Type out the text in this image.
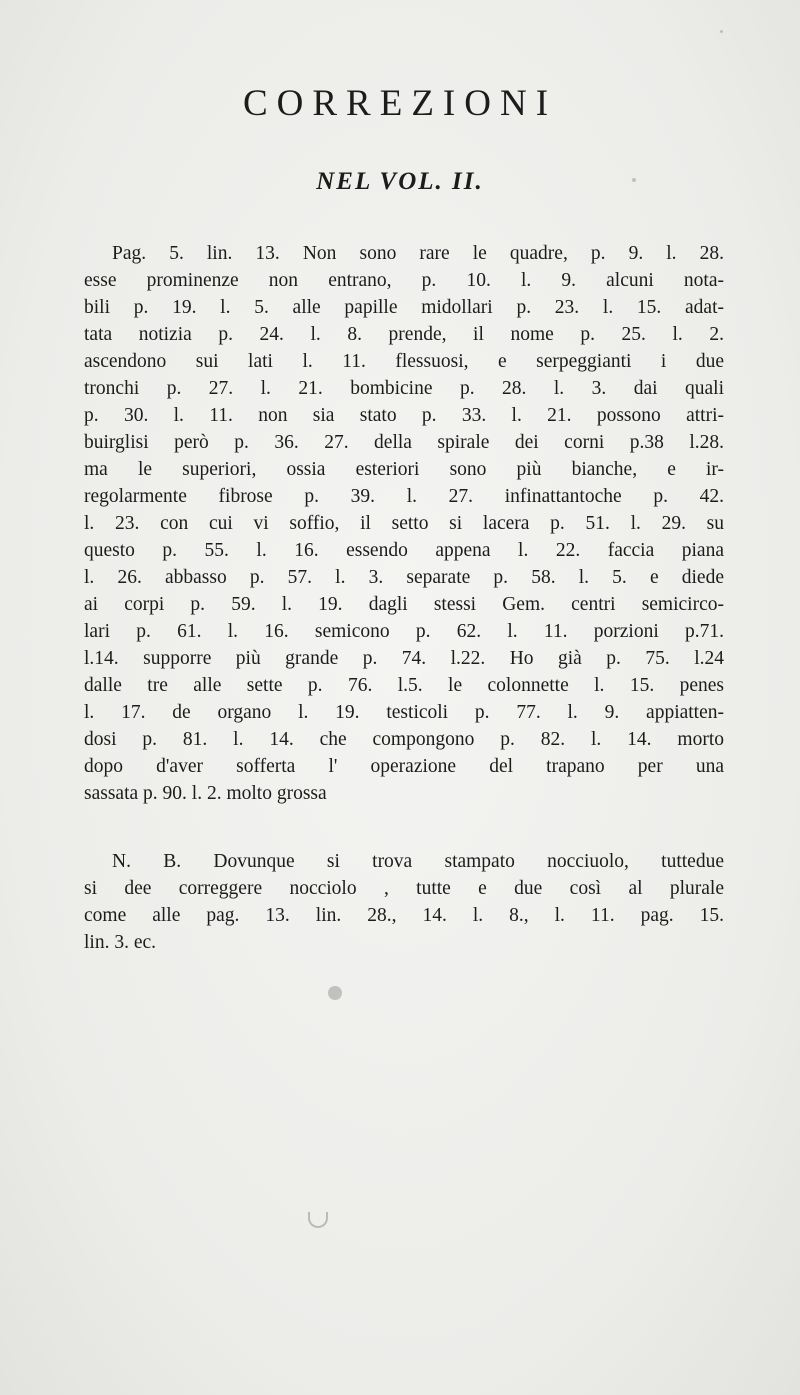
CORREZIONI
NEL VOL. II.
Pag. 5. lin. 13. Non sono rare le quadre, p. 9. l. 28.
esse prominenze non entrano, p. 10. l. 9. alcuni nota-
bili p. 19. l. 5. alle papille midollari p. 23. l. 15. adat-
tata notizia p. 24. l. 8. prende, il nome p. 25. l. 2.
ascendono sui lati l. 11. flessuosi, e serpeggianti i due
tronchi p. 27. l. 21. bombicine p. 28. l. 3. dai quali
p. 30. l. 11. non sia stato p. 33. l. 21. possono attri-
buirglisi però p. 36. 27. della spirale dei corni p.38 l.28.
ma le superiori, ossia esteriori sono più bianche, e ir-
regolarmente fibrose p. 39. l. 27. infinattantoche p. 42.
l. 23. con cui vi soffio, il setto si lacera p. 51. l. 29. su
questo p. 55. l. 16. essendo appena l. 22. faccia piana
l. 26. abbasso p. 57. l. 3. separate p. 58. l. 5. e diede
ai corpi p. 59. l. 19. dagli stessi Gem. centri semicirco-
lari p. 61. l. 16. semicono p. 62. l. 11. porzioni p.71.
l.14. supporre più grande p. 74. l.22. Ho già p. 75. l.24
dalle tre alle sette p. 76. l.5. le colonnette l. 15. penes
l. 17. de organo l. 19. testicoli p. 77. l. 9. appiatten-
dosi p. 81. l. 14. che compongono p. 82. l. 14. morto
dopo d'aver sofferta l' operazione del trapano per una
sassata p. 90. l. 2. molto grossa
N. B. Dovunque si trova stampato nocciuolo, tuttedue
si dee correggere nocciolo , tutte e due così al plurale
come alle pag. 13. lin. 28., 14. l. 8., l. 11. pag. 15.
lin. 3. ec.
